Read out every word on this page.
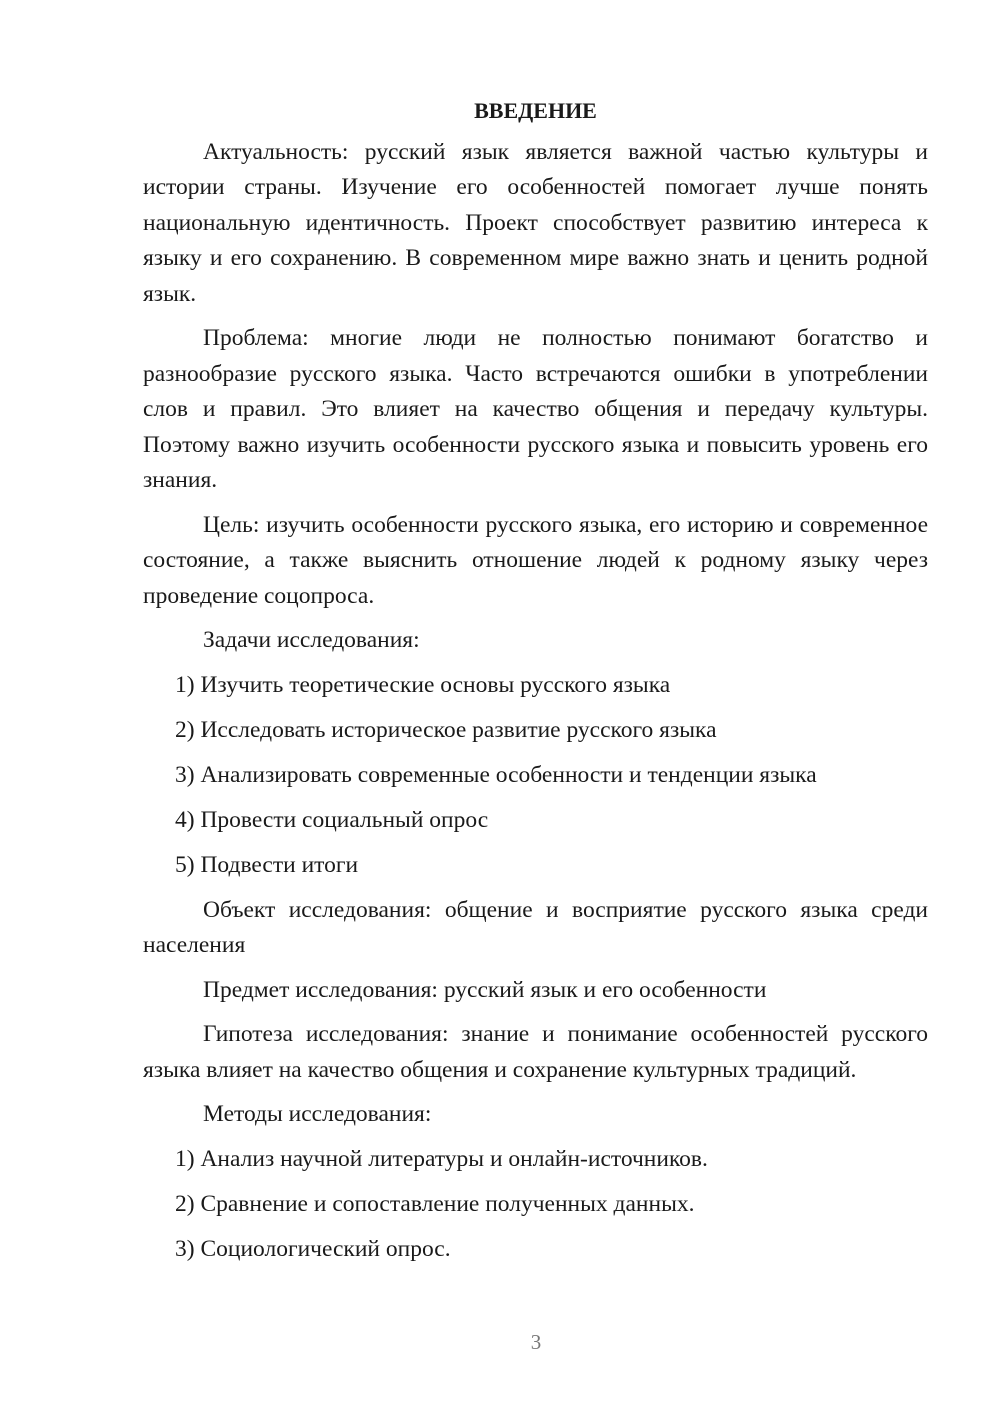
ВВЕДЕНИЕ
Актуальность: русский язык является важной частью культуры и истории страны. Изучение его особенностей помогает лучше понять национальную идентичность. Проект способствует развитию интереса к языку и его сохранению. В современном мире важно знать и ценить родной язык.
Проблема: многие люди не полностью понимают богатство и разнообразие русского языка. Часто встречаются ошибки в употреблении слов и правил. Это влияет на качество общения и передачу культуры. Поэтому важно изучить особенности русского языка и повысить уровень его знания.
Цель: изучить особенности русского языка, его историю и современное состояние, а также выяснить отношение людей к родному языку через проведение соцопроса.
Задачи исследования:
1) Изучить теоретические основы русского языка
2) Исследовать историческое развитие русского языка
3) Анализировать современные особенности и тенденции языка
4) Провести социальный опрос
5) Подвести итоги
Объект исследования: общение и восприятие русского языка среди населения
Предмет исследования: русский язык и его особенности
Гипотеза исследования: знание и понимание особенностей русского языка влияет на качество общения и сохранение культурных традиций.
Методы исследования:
1) Анализ научной литературы и онлайн-источников.
2) Сравнение и сопоставление полученных данных.
3) Социологический опрос.
3
